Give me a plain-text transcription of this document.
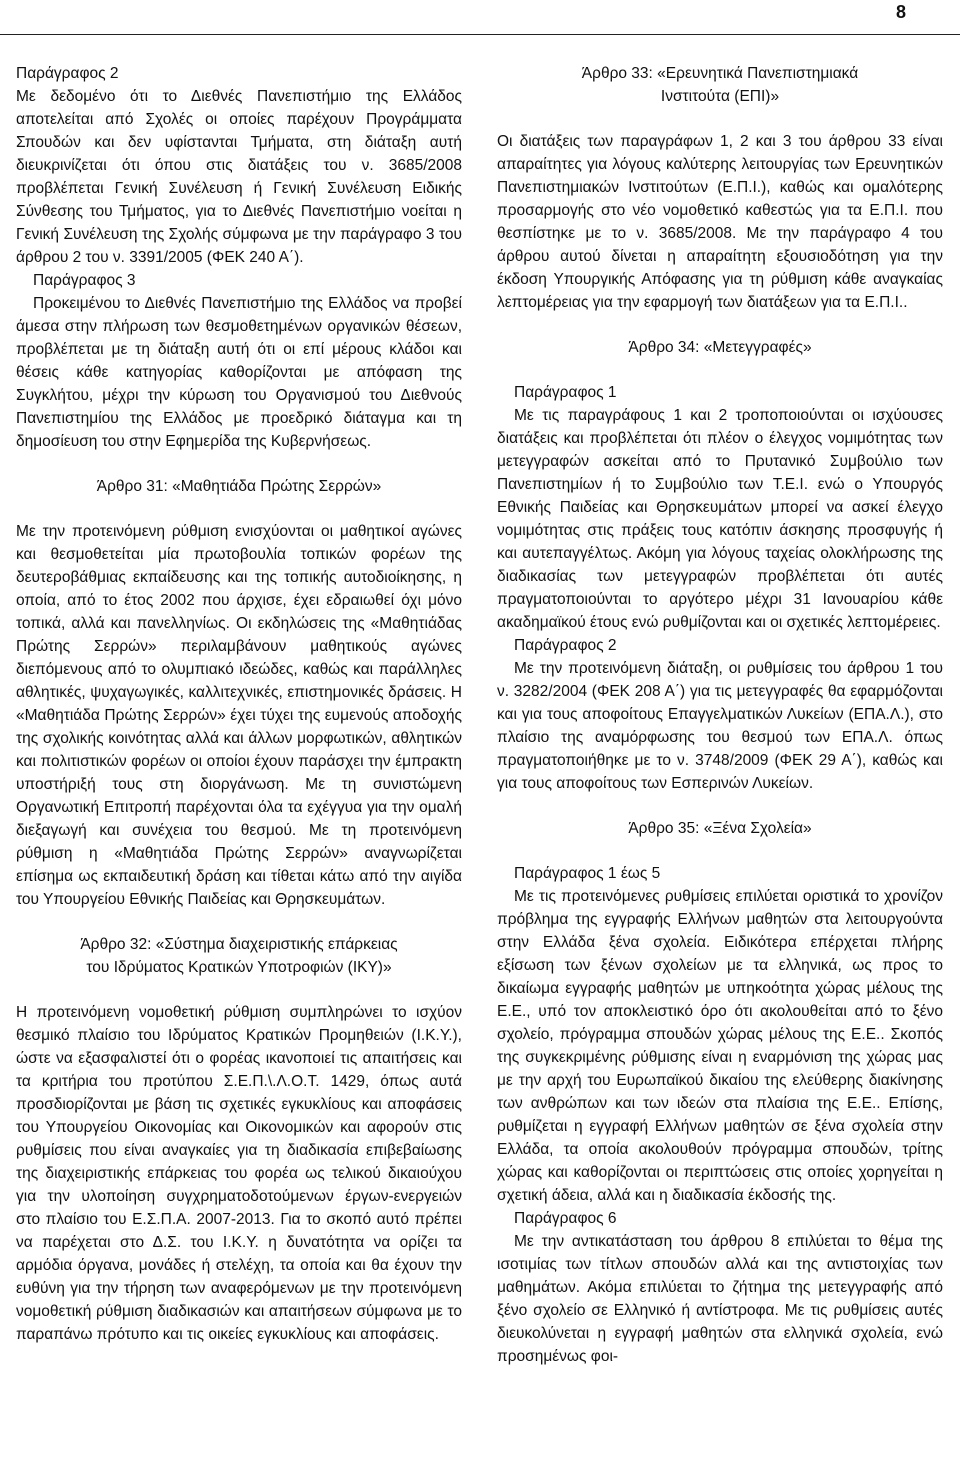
8

Παράγραφος 2

Με δεδομένο ότι το Διεθνές Πανεπιστήμιο της Ελλάδος αποτελείται από Σχολές οι οποίες παρέχουν Προγράμματα Σπουδών και δεν υφίστανται Τμήματα, στη διάταξη αυτή διευκρινίζεται ότι όπου στις διατάξεις του ν. 3685/2008 προβλέπεται Γενική Συνέλευση ή Γενική Συνέλευση Ειδικής Σύνθεσης του Τμήματος, για το Διεθνές Πανεπιστήμιο νοείται η Γενική Συνέλευση της Σχολής σύμφωνα με την παράγραφο 3 του άρθρου 2 του ν. 3391/2005 (ΦΕΚ 240 Α΄).

Παράγραφος 3

Προκειμένου το Διεθνές Πανεπιστήμιο της Ελλάδος να προβεί άμεσα στην πλήρωση των θεσμοθετημένων οργανικών θέσεων, προβλέπεται με τη διάταξη αυτή ότι οι επί μέρους κλάδοι και θέσεις κάθε κατηγορίας καθορίζονται με απόφαση της Συγκλήτου, μέχρι την κύρωση του Οργανισμού του Διεθνούς Πανεπιστημίου της Ελλάδος με προεδρικό διάταγμα και τη δημοσίευση του στην Εφημερίδα της Κυβερνήσεως.

Άρθρο 31: «Μαθητιάδα Πρώτης Σερρών»

Με την προτεινόμενη ρύθμιση ενισχύονται οι μαθητικοί αγώνες και θεσμοθετείται μία πρωτοβουλία τοπικών φορέων της δευτεροβάθμιας εκπαίδευσης και της τοπικής αυτοδιοίκησης, η οποία, από το έτος 2002 που άρχισε, έχει εδραιωθεί όχι μόνο τοπικά, αλλά και πανελληνίως. Οι εκδηλώσεις της «Μαθητιάδας Πρώτης Σερρών» περιλαμβάνουν μαθητικούς αγώνες διεπόμενους από το ολυμπιακό ιδεώδες, καθώς και παράλληλες αθλητικές, ψυχαγωγικές, καλλιτεχνικές, επιστημονικές δράσεις. Η «Μαθητιάδα Πρώτης Σερρών» έχει τύχει της ευμενούς αποδοχής της σχολικής κοινότητας αλλά και άλλων μορφωτικών, αθλητικών και πολιτιστικών φορέων οι οποίοι έχουν παράσχει την έμπρακτη υποστήριξή τους στη διοργάνωση. Με τη συνιστώμενη Οργανωτική Επιτροπή παρέχονται όλα τα εχέγγυα για την ομαλή διεξαγωγή και συνέχεια του θεσμού. Με τη προτεινόμενη ρύθμιση η «Μαθητιάδα Πρώτης Σερρών» αναγνωρίζεται επίσημα ως εκπαιδευτική δράση και τίθεται κάτω από την αιγίδα του Υπουργείου Εθνικής Παιδείας και Θρησκευμάτων.

Άρθρο 32: «Σύστημα διαχειριστικής επάρκειας

του Ιδρύματος Κρατικών Υποτροφιών (ΙΚΥ)»

Η προτεινόμενη νομοθετική ρύθμιση συμπληρώνει το ισχύον θεσμικό πλαίσιο του Ιδρύματος Κρατικών Προμηθειών (Ι.Κ.Υ.), ώστε να εξασφαλιστεί ότι ο φορέας ικανοποιεί τις απαιτήσεις και τα κριτήρια του προτύπου Σ.Ε.Π.\.Λ.Ο.Τ. 1429, όπως αυτά προσδιορίζονται με βάση τις σχετικές εγκυκλίους και αποφάσεις του Υπουργείου Οικονομίας και Οικονομικών και αφορούν στις ρυθμίσεις που είναι αναγκαίες για τη διαδικασία επιβεβαίωσης της διαχειριστικής επάρκειας του φορέα ως τελικού δικαιούχου για την υλοποίηση συγχρηματοδοτούμενων έργων-ενεργειών στο πλαίσιο του Ε.Σ.Π.Α. 2007-2013. Για το σκοπό αυτό πρέπει να παρέχεται στο Δ.Σ. του Ι.Κ.Υ. η δυνατότητα να ορίζει τα αρμόδια όργανα, μονάδες ή στελέχη, τα οποία και θα έχουν την ευθύνη για την τήρηση των αναφερόμενων με την προτεινόμενη νομοθετική ρύθμιση διαδικασιών και απαιτήσεων σύμφωνα με το παραπάνω πρότυπο και τις οικείες εγκυκλίους και αποφάσεις.

Άρθρο 33: «Ερευνητικά Πανεπιστημιακά

Ινστιτούτα (ΕΠΙ)»

Οι διατάξεις των παραγράφων 1, 2 και 3 του άρθρου 33 είναι απαραίτητες για λόγους καλύτερης λειτουργίας των Ερευνητικών Πανεπιστημιακών Ινστιτούτων (Ε.Π.Ι.), καθώς και ομαλότερης προσαρμογής στο νέο νομοθετικό καθεστώς για τα Ε.Π.Ι. που θεσπίστηκε με το ν. 3685/2008. Με την παράγραφο 4 του άρθρου αυτού δίνεται η απαραίτητη εξουσιοδότηση για την έκδοση Υπουργικής Απόφασης για τη ρύθμιση κάθε αναγκαίας λεπτομέρειας για την εφαρμογή των διατάξεων για τα Ε.Π.Ι..

Άρθρο 34: «Μετεγγραφές»

Παράγραφος 1

Με τις παραγράφους 1 και 2 τροποποιούνται οι ισχύουσες διατάξεις και προβλέπεται ότι πλέον ο έλεγχος νομιμότητας των μετεγγραφών ασκείται από το Πρυτανικό Συμβούλιο των Πανεπιστημίων ή το Συμβούλιο των Τ.Ε.Ι. ενώ ο Υπουργός Εθνικής Παιδείας και Θρησκευμάτων μπορεί να ασκεί έλεγχο νομιμότητας στις πράξεις τους κατόπιν άσκησης προσφυγής ή και αυτεπαγγέλτως. Ακόμη για λόγους ταχείας ολοκλήρωσης της διαδικασίας των μετεγγραφών προβλέπεται ότι αυτές πραγματοποιούνται το αργότερο μέχρι 31 Ιανουαρίου κάθε ακαδημαϊκού έτους ενώ ρυθμίζονται και οι σχετικές λεπτομέρειες.

Παράγραφος 2

Με την προτεινόμενη διάταξη, οι ρυθμίσεις του άρθρου 1 του ν. 3282/2004 (ΦΕΚ 208 Α΄) για τις μετεγγραφές θα εφαρμόζονται και για τους αποφοίτους Επαγγελματικών Λυκείων (ΕΠΑ.Λ.), στο πλαίσιο της αναμόρφωσης του θεσμού των ΕΠΑ.Λ. όπως πραγματοποιήθηκε με το ν. 3748/2009 (ΦΕΚ 29 Α΄), καθώς και για τους αποφοίτους των Εσπερινών Λυκείων.

Άρθρο 35: «Ξένα Σχολεία»

Παράγραφος 1 έως 5

Με τις προτεινόμενες ρυθμίσεις επιλύεται οριστικά το χρονίζον πρόβλημα της εγγραφής Ελλήνων μαθητών στα λειτουργούντα στην Ελλάδα ξένα σχολεία. Ειδικότερα επέρχεται πλήρης εξίσωση των ξένων σχολείων με τα ελληνικά, ως προς το δικαίωμα εγγραφής μαθητών με υπηκοότητα χώρας μέλους της Ε.Ε., υπό τον αποκλειστικό όρο ότι ακολουθείται από το ξένο σχολείο, πρόγραμμα σπουδών χώρας μέλους της Ε.Ε.. Σκοπός της συγκεκριμένης ρύθμισης είναι η εναρμόνιση της χώρας μας με την αρχή του Ευρωπαϊκού δικαίου της ελεύθερης διακίνησης των ανθρώπων και των ιδεών στα πλαίσια της Ε.Ε.. Επίσης, ρυθμίζεται η εγγραφή Ελλήνων μαθητών σε ξένα σχολεία στην Ελλάδα, τα οποία ακολουθούν πρόγραμμα σπουδών, τρίτης χώρας και καθορίζονται οι περιπτώσεις στις οποίες χορηγείται η σχετική άδεια, αλλά και η διαδικασία έκδοσής της.

Παράγραφος 6

Με την αντικατάσταση του άρθρου 8 επιλύεται το θέμα της ισοτιμίας των τίτλων σπουδών αλλά και της αντιστοιχίας των μαθημάτων. Ακόμα επιλύεται το ζήτημα της μετεγγραφής από ξένο σχολείο σε Ελληνικό ή αντίστροφα. Με τις ρυθμίσεις αυτές διευκολύνεται η εγγραφή μαθητών στα ελληνικά σχολεία, ενώ προσημένως φοι-
